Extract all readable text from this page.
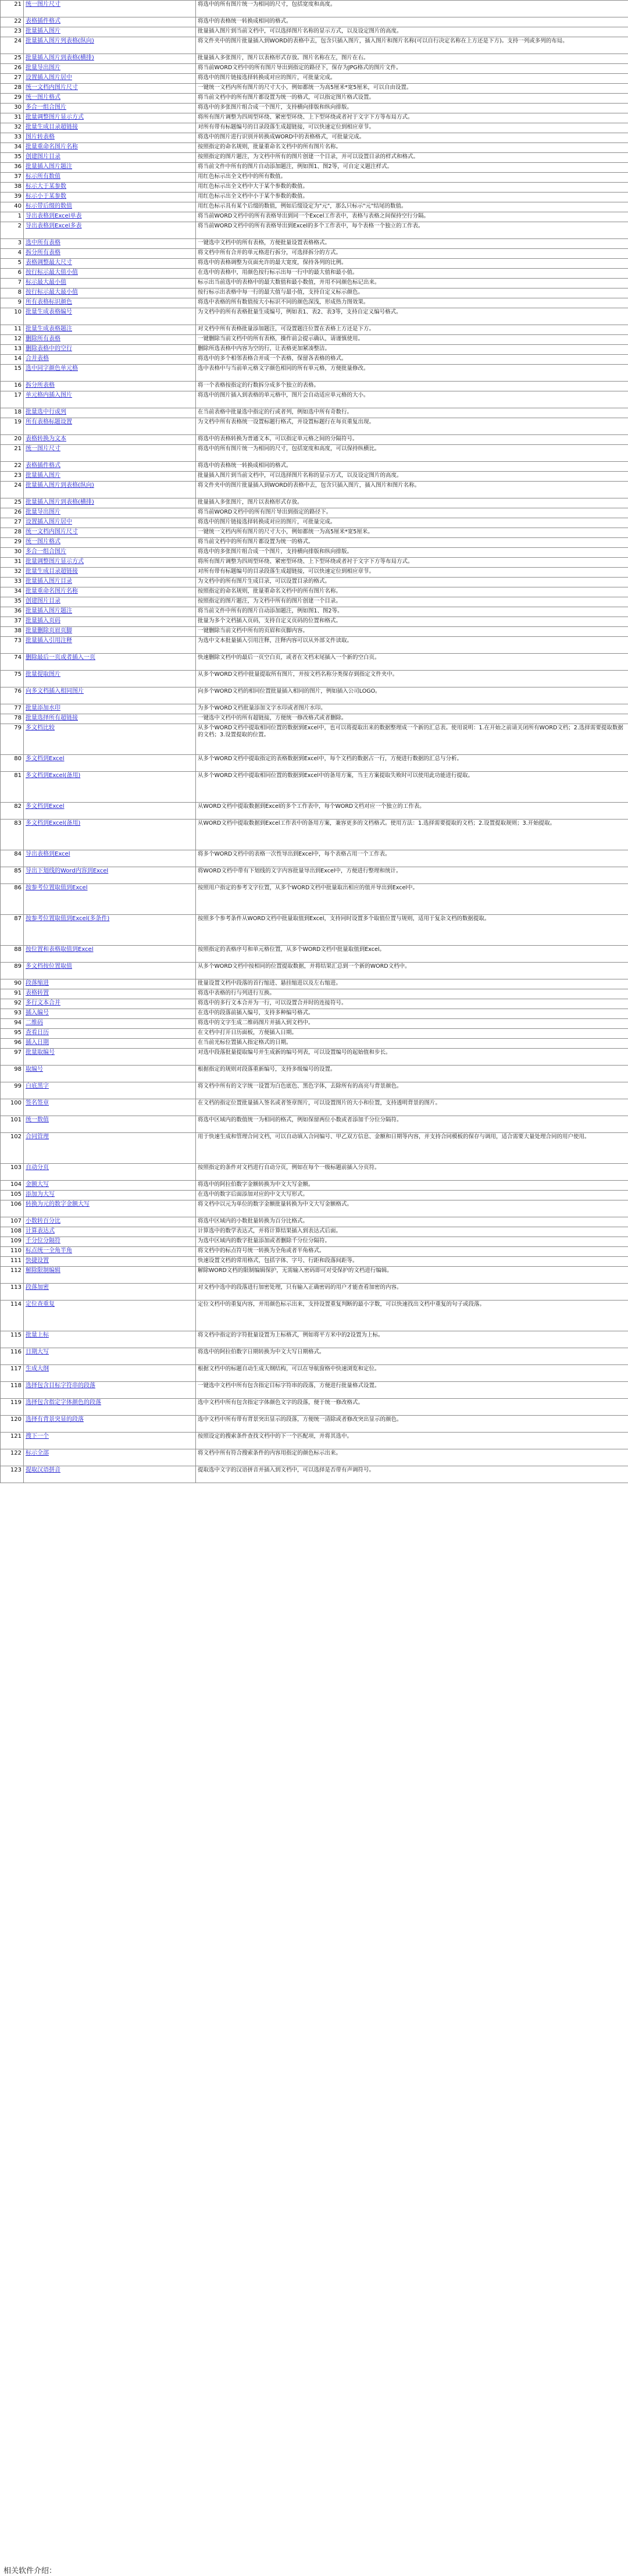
21	统一图片尺寸	将选中的所有图片统一为相同的尺寸，包括宽度和高度。
22	表格插件格式	将选中的表格统一转换成相同的格式。
23	批量插入图片	批量插入图片到当前文档中，可以选择图片名称的显示方式，以及设定图片的高度。
24	批量插入图片列表格(纵向)	将文件夹中的图片批量插入到WORD的表格中去，包含只插入图片，插入图片和图片名称(可以自行决定名称在上方还是下方)。支持一列或多列的布局。
25	批量插入图片到表格(横排)	批量插入多张图片，图片以表格形式存放。图片名称在左，图片在右。
26	批量导出图片	将当前WORD文档中的所有图片导出到指定的路径下，保存为JPG格式的图片文件。
27	设置插入图片居中	将选中的图片链接选择转换成对应的图片，可批量完成。
28	统一文档内图片尺寸	一键统一文档内所有图片的尺寸大小，例如都统一为高5厘米*宽5厘米，可以自由设置。
29	统一图片格式	将当前文档中的所有图片都设置为统一的格式，可以指定图片格式设置。
30	多合一组合图片	将选中的多张图片组合成一个图片，支持横向排版和纵向排版。
31	批量调整图片显示方式	将所有图片调整为四周型环绕、紧密型环绕、上下型环绕或者衬于文字下方等布局方式。
32	批量生成目录超链接	对所有带有标题编号的目录段落生成超链接，可以快速定位到相应章节。
33	图片转表格	将选中的图片进行识别并转换成WORD中的表格格式，可批量完成。
34	批量重命名图片名称	按照指定的命名规则，批量重命名文档中的所有图片名称。
35	创建图片目录	按照指定的图片题注，为文档中所有的图片创建一个目录，并可以设置目录的样式和格式。
36	批量插入图片题注	将当前文件中所有的图片自动添加题注，例如图1、图2等，可自定义题注样式。
37	标示所有数值	用红色标示出全文档中的所有数值。
38	标示大于某参数	用红色标示出全文档中大于某个参数的数值。
39	标示小于某参数	用红色标示出全文档中小于某个参数的数值。
40	标示带后缀的数值	用红色标示具有某个后缀的数值，例如后缀设定为"元"，那么只标示"元"结尾的数值。
1	导出表格到Excel单表	将当前WORD文档中的所有表格导出到同一个Excel工作表中，表格与表格之间保持空行分隔。
2	导出表格到Excel多表	将当前WORD文档中的所有表格导出到Excel的多个工作表中，每个表格一个独立的工作表。
3	选中所有表格	一键选中文档中的所有表格，方便批量设置表格格式。
4	拆分所有表格	将文档中所有合并的单元格进行拆分，可选择拆分的方式。
5	表格调整最大尺寸	将选中的表格调整为页面允许的最大宽度，保持各列的比例。
6	按行标示最大值小值	在选中的表格中，用颜色按行标示出每一行中的最大值和最小值。
7	标示最大最小值	标示出当前选中的表格中的最大数值和最小数值，并用不同颜色标记出来。
8	按行标示最大最小值	按行标示出表格中每一行的最大值与最小值，支持自定义标示颜色。
9	所有表格标识颜色	将选中表格的所有数值按大小标识不同的颜色深浅，形成热力图效果。
10	批量生成表格编号	为文档中的所有表格批量生成编号，例如表1、表2、表3等，支持自定义编号格式。
11	批量生成表格题注	对文档中所有表格批量添加题注，可设置题注位置在表格上方还是下方。
12	删除所有表格	一键删除当前文档中的所有表格，操作前会提示确认，请谨慎使用。
13	删除表格中的空行	删除所选表格中内容为空的行，让表格更加紧凑整洁。
14	合并表格	将选中的多个相邻表格合并成一个表格，保留各表格的格式。
15	选中同字颜色单元格	选中表格中与当前单元格文字颜色相同的所有单元格，方便批量修改。
16	拆分所表格	将一个表格按指定的行数拆分成多个独立的表格。
17	单元格内插入图片	将选中的图片插入到表格的单元格中，图片会自动适应单元格的大小。
18	批量选中行或列	在当前表格中批量选中指定的行或者列，例如选中所有奇数行。
19	所有表格标题设置	为文档中所有表格统一设置标题行格式，并设置标题行在每页重复出现。
20	表格转换为文本	将选中的表格转换为普通文本，可以指定单元格之间的分隔符号。
21	统一图片尺寸	将选中的所有图片统一为相同的尺寸，包括宽度和高度，可以保持纵横比。
22	表格插件格式	将选中的表格统一转换成相同的格式。
23	批量插入图片	批量插入图片到当前文档中，可以选择图片名称的显示方式，以及设定图片的高度。
24	批量插入图片到表格(纵向)	将文件夹中的图片批量插入到WORD的表格中去，包含只插入图片，插入图片和图片名称。
25	批量插入图片到表格(横排)	批量插入多张图片，图片以表格形式存放。
26	批量导出图片	将当前WORD文档中的所有图片导出到指定的路径下。
27	设置插入图片居中	将选中的图片链接选择转换成对应的图片，可批量完成。
28	统一文档内图片尺寸	一键统一文档内所有图片的尺寸大小，例如都统一为高5厘米*宽5厘米。
29	统一图片格式	将当前文档中的所有图片都设置为统一的格式。
30	多合一组合图片	将选中的多张图片组合成一个图片，支持横向排版和纵向排版。
31	批量调整图片显示方式	将所有图片调整为四周型环绕、紧密型环绕、上下型环绕或者衬于文字下方等布局方式。
32	批量生成目录超链接	对所有带有标题编号的目录段落生成超链接，可以快速定位到相应章节。
33	批量插入图片目录	为文档中的所有图片生成目录，可以设置目录的格式。
34	批量重命名图片名称	按照指定的命名规则，批量重命名文档中的所有图片名称。
35	创建图片目录	按照指定的图片题注，为文档中所有的图片创建一个目录。
36	批量插入图片题注	将当前文件中所有的图片自动添加题注，例如图1、图2等。
37	批量插入页码	批量为多个文档插入页码，支持自定义页码的位置和格式。
38	批量删除页眉页脚	一键删除当前文档中所有的页眉和页脚内容。
73	批量插入引用注释	为选中文本批量插入引用注释，注释内容可以从外部文件读取。
74	删除最后一页或者插入一页	快速删除文档中的最后一页空白页，或者在文档末尾插入一个新的空白页。
75	批量提取图片	从多个WORD文档中批量提取所有图片，并按文档名称分类保存到指定文件夹中。
76	向多文档插入相同图片	向多个WORD文档的相同位置批量插入相同的图片，例如插入公司LOGO。
77	批量添加水印	为多个WORD文档批量添加文字水印或者图片水印。
78	批量选择所有超链接	一键选中文档中的所有超链接，方便统一修改格式或者删除。
79	多文档比较	从多个WORD文档中提取相同位置的数据到Excel中，也可以将提取出来的数据整理成一个新的汇总表。使用说明：1.在开始之前请关闭所有WORD文档；2.选择需要提取数据的文档；3.设置提取的位置。
80	多文档到Excel	从多个WORD文档中提取指定的表格数据到Excel中，每个文档的数据占一行，方便进行数据的汇总与分析。
81	多文档到Excel(备用)	从多个WORD文档中提取相同位置的数据到Excel中的备用方案，当主方案提取失败时可以使用此功能进行提取。
82	多文档到Excel	从WORD文档中提取数据到Excel的多个工作表中，每个WORD文档对应一个独立的工作表。
83	多文档到Excel(备用)	从WORD文档中提取数据到Excel工作表中的备用方案，兼容更多的文档格式。使用方法：1.选择需要提取的文档；2.设置提取规则；3.开始提取。
84	导出表格到Excel	将多个WORD文档中的表格一次性导出到Excel中，每个表格占用一个工作表。
85	导出下划线的Word内容到Excel	将WORD文档中带有下划线的文字内容批量导出到Excel中，方便进行整理和统计。
86	按参考位置取值到Excel	按照用户指定的参考文字位置，从多个WORD文档中批量取出相应的值并导出到Excel中。
87	按参考位置取值到Excel(多条件)	按照多个参考条件从WORD文档中批量取值到Excel，支持同时设置多个取值位置与规则，适用于复杂文档的数据提取。
88	按位置和表格取值到Excel	按照指定的表格序号和单元格位置，从多个WORD文档中批量取值到Excel。
89	多文档按位置取值	从多个WORD文档中按相同的位置提取数据，并将结果汇总到一个新的WORD文档中。
90	段落缩进	批量设置文档中段落的首行缩进、悬挂缩进以及左右缩进。
91	表格转置	将选中表格的行与列进行互换。
92	多行文本合并	将选中的多行文本合并为一行，可以设置合并时的连接符号。
93	插入编号	在选中的段落前插入编号，支持多种编号格式。
94	二维码	将选中的文字生成二维码图片并插入到文档中。
95	查看日历	在文档中打开日历面板，方便插入日期。
96	插入日期	在当前光标位置插入指定格式的日期。
97	批量取编号	对选中段落批量提取编号并生成新的编号列表，可以设置编号的起始值和步长。
98	取编号	根据指定的规则对段落重新编号，支持多级编号的设置。
99	白底黑字	将文档中所有的文字统一设置为白色底色、黑色字体，去除所有的高亮与背景颜色。
100	签名签章	在文档的指定位置批量插入签名或者签章图片，可以设置图片的大小和位置，支持透明背景的图片。
101	统一数值	将选中区域内的数值统一为相同的格式，例如保留两位小数或者添加千分位分隔符。
102	合同管理	用于快速生成和管理合同文档，可以自动填入合同编号、甲乙双方信息、金额和日期等内容，并支持合同模板的保存与调用，适合需要大量处理合同的用户使用。
103	自动分页	按照指定的条件对文档进行自动分页，例如在每个一级标题前插入分页符。
104	金额大写	将选中的阿拉伯数字金额转换为中文大写金额。
105	添加为大写	在选中的数字后面添加对应的中文大写形式。
106	转换为元的数字金额大写	将文档中以元为单位的数字金额批量转换为中文大写金额格式。
107	小数转百分比	将选中区域内的小数批量转换为百分比格式。
108	计算表达式	计算选中的数学表达式，并将计算结果插入到表达式后面。
109	千分位分隔符	为选中区域内的数字批量添加或者删除千分位分隔符。
110	标点统一全角半角	将文档中的标点符号统一转换为全角或者半角格式。
111	快捷设置	快速设置文档的常用格式，包括字体、字号、行距和段落间距等。
112	解除限制编辑	解除WORD文档的限制编辑保护，无需输入密码即可对受保护的文档进行编辑。
113	段落加密	对文档中选中的段落进行加密处理，只有输入正确密码的用户才能查看加密的内容。
114	定位查重复	定位文档中的重复内容，并用颜色标示出来，支持设置重复判断的最小字数，可以快速找出文档中重复的句子或段落。
115	批量上标	将文档中指定的字符批量设置为上标格式，例如将平方米中的2设置为上标。
116	日期大写	将选中的阿拉伯数字日期转换为中文大写日期格式。
117	生成大纲	根据文档中的标题自动生成大纲结构，可以在导航窗格中快速浏览和定位。
118	选择包含目标字符串的段落	一键选中文档中所有包含指定目标字符串的段落，方便进行批量格式设置。
119	选择包含指定字体颜色的段落	选中文档中所有包含指定字体颜色文字的段落，便于统一修改格式。
120	选择有背景突显的段落	选中文档中所有带有背景突出显示的段落，方便统一清除或者修改突出显示的颜色。
121	搜下一个	按照设定的搜索条件查找文档中的下一个匹配项，并将其选中。
122	标示全部	将文档中所有符合搜索条件的内容用指定的颜色标示出来。
123	提取汉语拼音	提取选中文字的汉语拼音并插入到文档中，可以选择是否带有声调符号。
相关软件介绍：
